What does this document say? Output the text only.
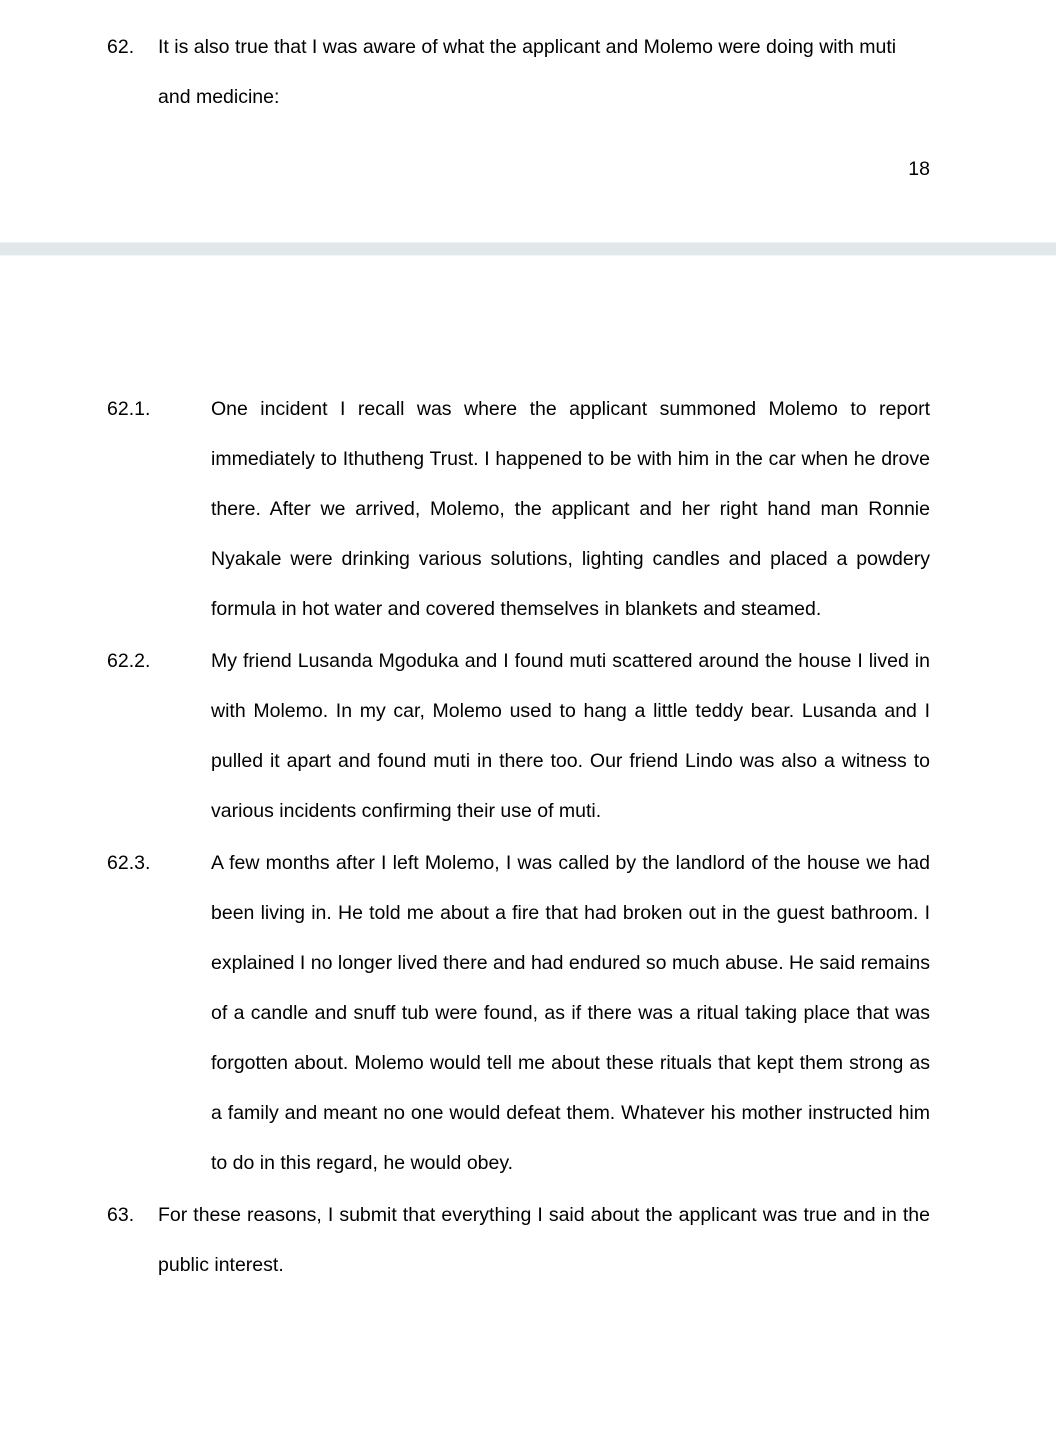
62.	It is also true that I was aware of what the applicant and Molemo were doing with muti and medicine:
18
62.1.	One incident I recall was where the applicant summoned Molemo to report immediately to Ithutheng Trust. I happened to be with him in the car when he drove there. After we arrived, Molemo, the applicant and her right hand man Ronnie Nyakale were drinking various solutions, lighting candles and placed a powdery formula in hot water and covered themselves in blankets and steamed.
62.2.	My friend Lusanda Mgoduka and I found muti scattered around the house I lived in with Molemo. In my car, Molemo used to hang a little teddy bear. Lusanda and I pulled it apart and found muti in there too. Our friend Lindo was also a witness to various incidents confirming their use of muti.
62.3.	A few months after I left Molemo, I was called by the landlord of the house we had been living in. He told me about a fire that had broken out in the guest bathroom. I explained I no longer lived there and had endured so much abuse. He said remains of a candle and snuff tub were found, as if there was a ritual taking place that was forgotten about. Molemo would tell me about these rituals that kept them strong as a family and meant no one would defeat them. Whatever his mother instructed him to do in this regard, he would obey.
63.	For these reasons, I submit that everything I said about the applicant was true and in the public interest.
